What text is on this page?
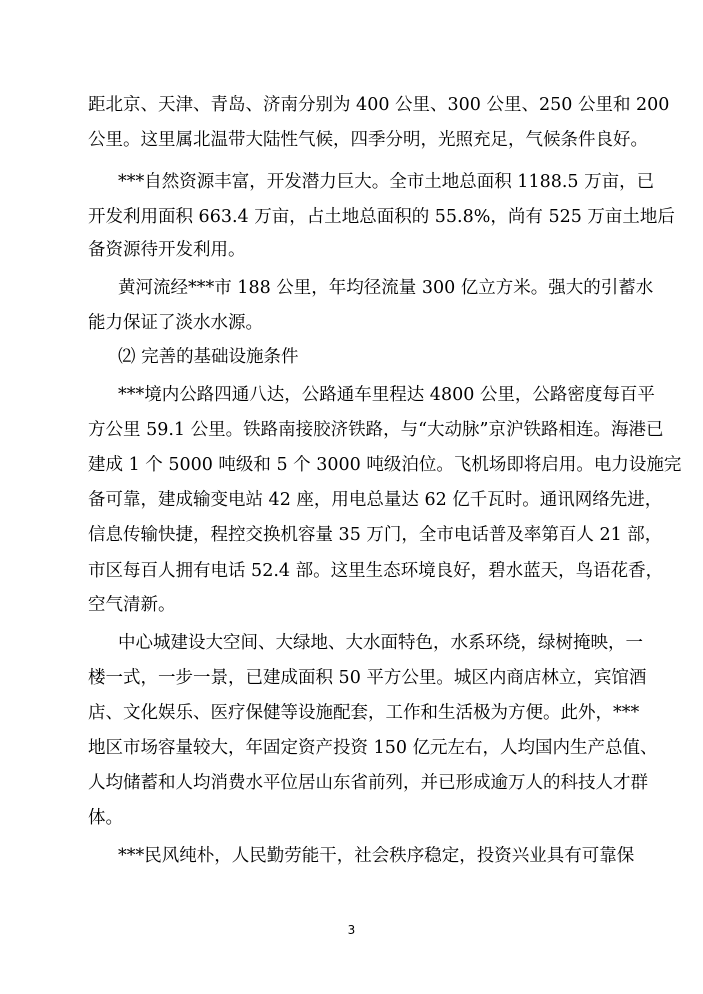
距北京、天津、青岛、济南分别为 400 公里、300 公里、250 公里和 200
公里。这里属北温带大陆性气候，四季分明，光照充足，气候条件良好。
***自然资源丰富，开发潜力巨大。全市土地总面积 1188.5 万亩，已
开发利用面积 663.4 万亩，占土地总面积的 55.8%，尚有 525 万亩土地后
备资源待开发利用。
黄河流经***市 188 公里，年均径流量 300 亿立方米。强大的引蓄水
能力保证了淡水水源。
⑵ 完善的基础设施条件
***境内公路四通八达，公路通车里程达 4800 公里，公路密度每百平
方公里 59.1 公里。铁路南接胶济铁路，与“大动脉”京沪铁路相连。海港已
建成 1 个 5000 吨级和 5 个 3000 吨级泊位。飞机场即将启用。电力设施完
备可靠，建成输变电站 42 座，用电总量达 62 亿千瓦时。通讯网络先进，
信息传输快捷，程控交换机容量 35 万门，全市电话普及率第百人 21 部，
市区每百人拥有电话 52.4 部。这里生态环境良好，碧水蓝天，鸟语花香，
空气清新。
中心城建设大空间、大绿地、大水面特色，水系环绕，绿树掩映，一
楼一式，一步一景，已建成面积 50 平方公里。城区内商店林立，宾馆酒
店、文化娱乐、医疗保健等设施配套，工作和生活极为方便。此外，***
地区市场容量较大，年固定资产投资 150 亿元左右，人均国内生产总值、
人均储蓄和人均消费水平位居山东省前列，并已形成逾万人的科技人才群
体。
***民风纯朴，人民勤劳能干，社会秩序稳定，投资兴业具有可靠保
3
